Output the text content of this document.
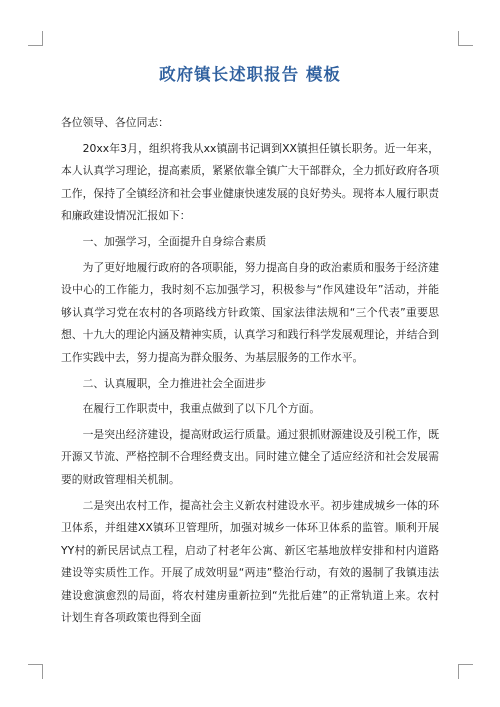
政府镇长述职报告 模板

各位领导、各位同志：

20xx年3月，组织将我从xx镇副书记调到XX镇担任镇长职务。近一年来，本人认真学习理论，提高素质，紧紧依靠全镇广大干部群众，全力抓好政府各项工作，保持了全镇经济和社会事业健康快速发展的良好势头。现将本人履行职责和廉政建设情况汇报如下：

一、加强学习，全面提升自身综合素质

为了更好地履行政府的各项职能，努力提高自身的政治素质和服务于经济建设中心的工作能力，我时刻不忘加强学习，积极参与“作风建设年”活动，并能够认真学习党在农村的各项路线方针政策、国家法律法规和“三个代表”重要思想、十九大的理论内涵及精神实质，认真学习和践行科学发展观理论，并结合到工作实践中去，努力提高为群众服务、为基层服务的工作水平。

二、认真履职，全力推进社会全面进步

在履行工作职责中，我重点做到了以下几个方面。

一是突出经济建设，提高财政运行质量。通过狠抓财源建设及引税工作，既开源又节流、严格控制不合理经费支出。同时建立健全了适应经济和社会发展需要的财政管理相关机制。

二是突出农村工作，提高社会主义新农村建设水平。初步建成城乡一体的环卫体系，并组建XX镇环卫管理所，加强对城乡一体环卫体系的监管。顺利开展YY村的新民居试点工程，启动了村老年公寓、新区宅基地放样安排和村内道路建设等实质性工作。开展了成效明显“两违”整治行动，有效的遏制了我镇违法建设愈演愈烈的局面，将农村建房重新拉到“先批后建”的正常轨道上来。农村计划生育各项政策也得到全面
